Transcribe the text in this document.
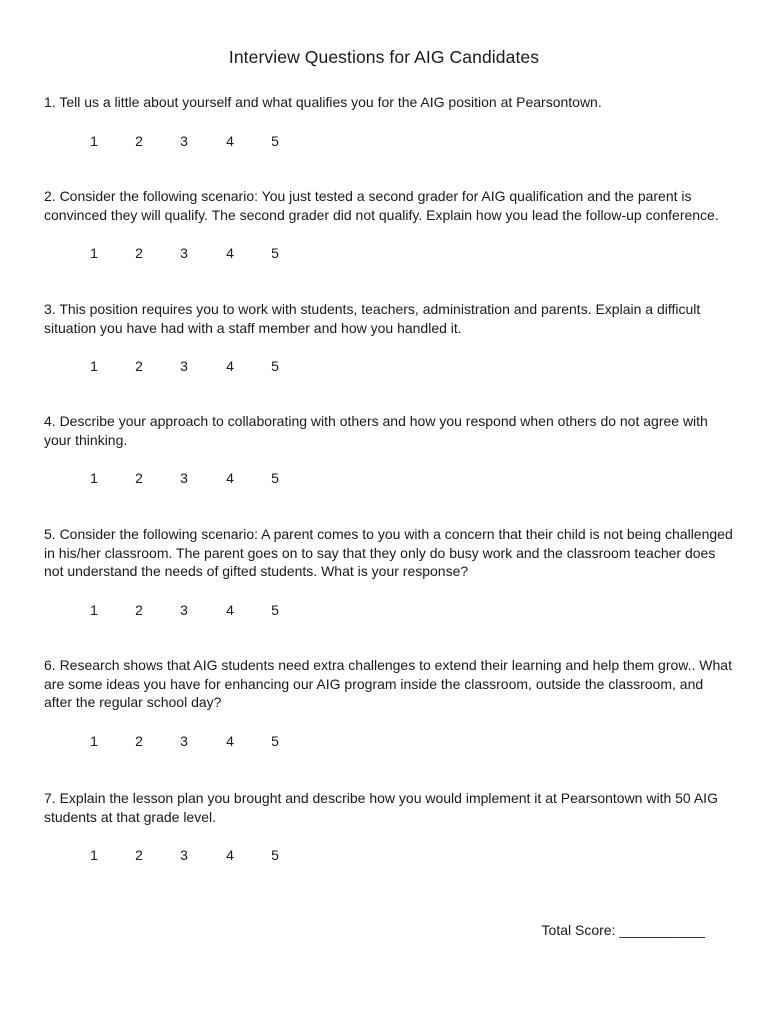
Interview Questions for AIG Candidates

1. Tell us a little about yourself and what qualifies you for the AIG position at Pearsontown.

1	2	3	4	5

2. Consider the following scenario: You just tested a second grader for AIG qualification and the parent is convinced they will qualify. The second grader did not qualify. Explain how you lead the follow-up conference.

1	2	3	4	5

3. This position requires you to work with students, teachers, administration and parents. Explain a difficult situation you have had with a staff member and how you handled it.

1	2	3	4	5

4. Describe your approach to collaborating with others and how you respond when others do not agree with your thinking.

1	2	3	4	5

5. Consider the following scenario: A parent comes to you with a concern that their child is not being challenged in his/her classroom. The parent goes on to say that they only do busy work and the classroom teacher does not understand the needs of gifted students. What is your response?

1	2	3	4	5

6. Research shows that AIG students need extra challenges to extend their learning and help them grow.. What are some ideas you have for enhancing our AIG program inside the classroom, outside the classroom, and after the regular school day?

1	2	3	4	5

7. Explain the lesson plan you brought and describe how you would implement it at Pearsontown with 50 AIG students at that grade level.

1	2	3	4	5
Total Score: ___________
